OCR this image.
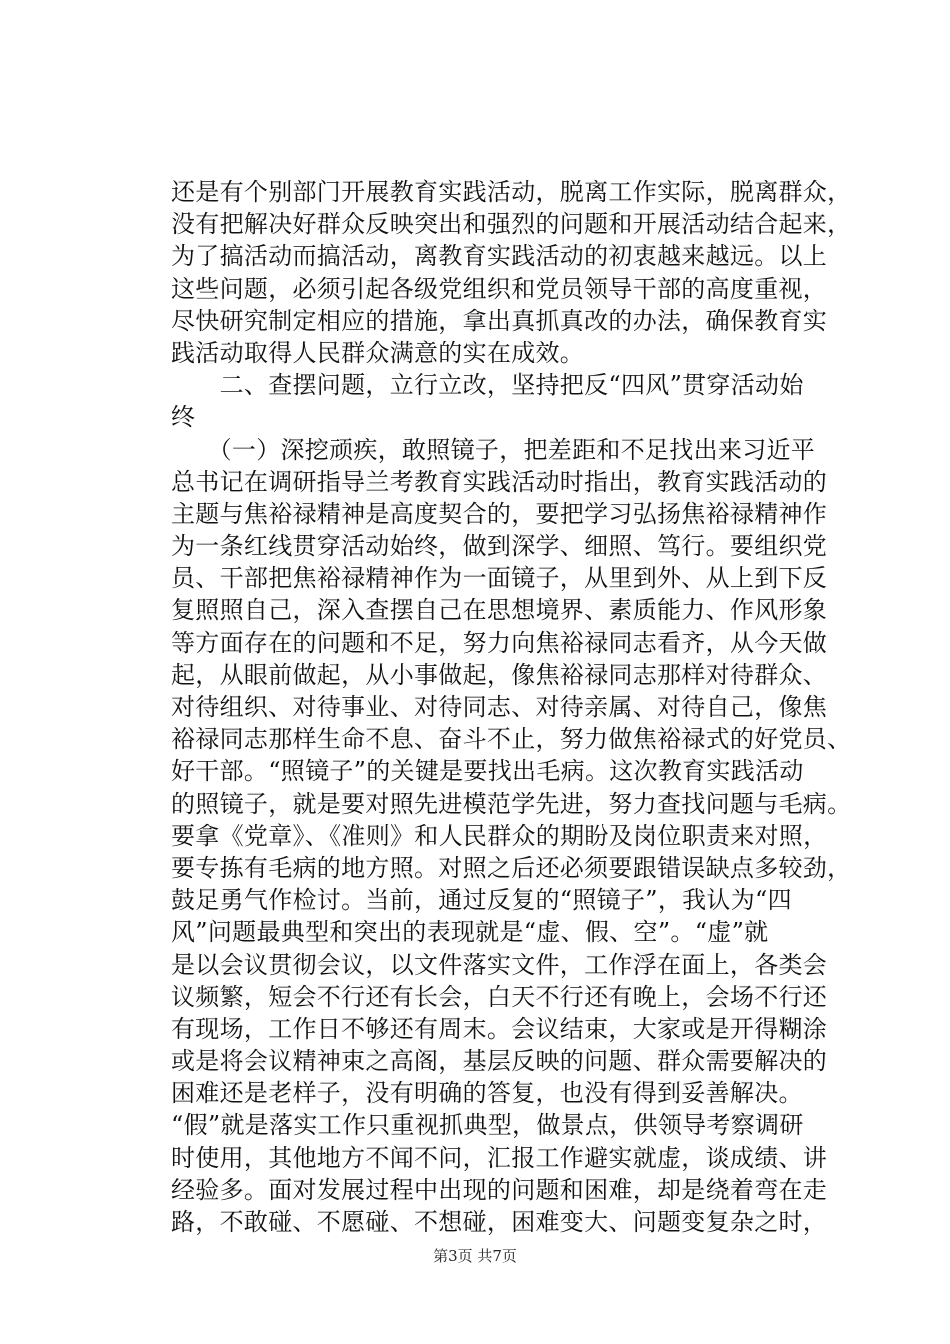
还是有个别部门开展教育实践活动，脱离工作实际，脱离群众，
没有把解决好群众反映突出和强烈的问题和开展活动结合起来，
为了搞活动而搞活动，离教育实践活动的初衷越来越远。以上
这些问题，必须引起各级党组织和党员领导干部的高度重视，
尽快研究制定相应的措施，拿出真抓真改的办法，确保教育实
践活动取得人民群众满意的实在成效。
　　二、查摆问题，立行立改，坚持把反“四风”贯穿活动始
终
　　（一）深挖顽疾，敢照镜子，把差距和不足找出来习近平
总书记在调研指导兰考教育实践活动时指出，教育实践活动的
主题与焦裕禄精神是高度契合的，要把学习弘扬焦裕禄精神作
为一条红线贯穿活动始终，做到深学、细照、笃行。要组织党
员、干部把焦裕禄精神作为一面镜子，从里到外、从上到下反
复照照自己，深入查摆自己在思想境界、素质能力、作风形象
等方面存在的问题和不足，努力向焦裕禄同志看齐，从今天做
起，从眼前做起，从小事做起，像焦裕禄同志那样对待群众、
对待组织、对待事业、对待同志、对待亲属、对待自己，像焦
裕禄同志那样生命不息、奋斗不止，努力做焦裕禄式的好党员、
好干部。“照镜子”的关键是要找出毛病。这次教育实践活动
的照镜子，就是要对照先进模范学先进，努力查找问题与毛病。
要拿《党章》、《准则》和人民群众的期盼及岗位职责来对照，
要专拣有毛病的地方照。对照之后还必须要跟错误缺点多较劲，
鼓足勇气作检讨。当前，通过反复的“照镜子”，我认为“四
风”问题最典型和突出的表现就是“虚、假、空”。“虚”就
是以会议贯彻会议，以文件落实文件，工作浮在面上，各类会
议频繁，短会不行还有长会，白天不行还有晚上，会场不行还
有现场，工作日不够还有周末。会议结束，大家或是开得糊涂
或是将会议精神束之高阁，基层反映的问题、群众需要解决的
困难还是老样子，没有明确的答复，也没有得到妥善解决。
“假”就是落实工作只重视抓典型，做景点，供领导考察调研
时使用，其他地方不闻不问，汇报工作避实就虚，谈成绩、讲
经验多。面对发展过程中出现的问题和困难，却是绕着弯在走
路，不敢碰、不愿碰、不想碰，困难变大、问题变复杂之时，
第3页 共7页
